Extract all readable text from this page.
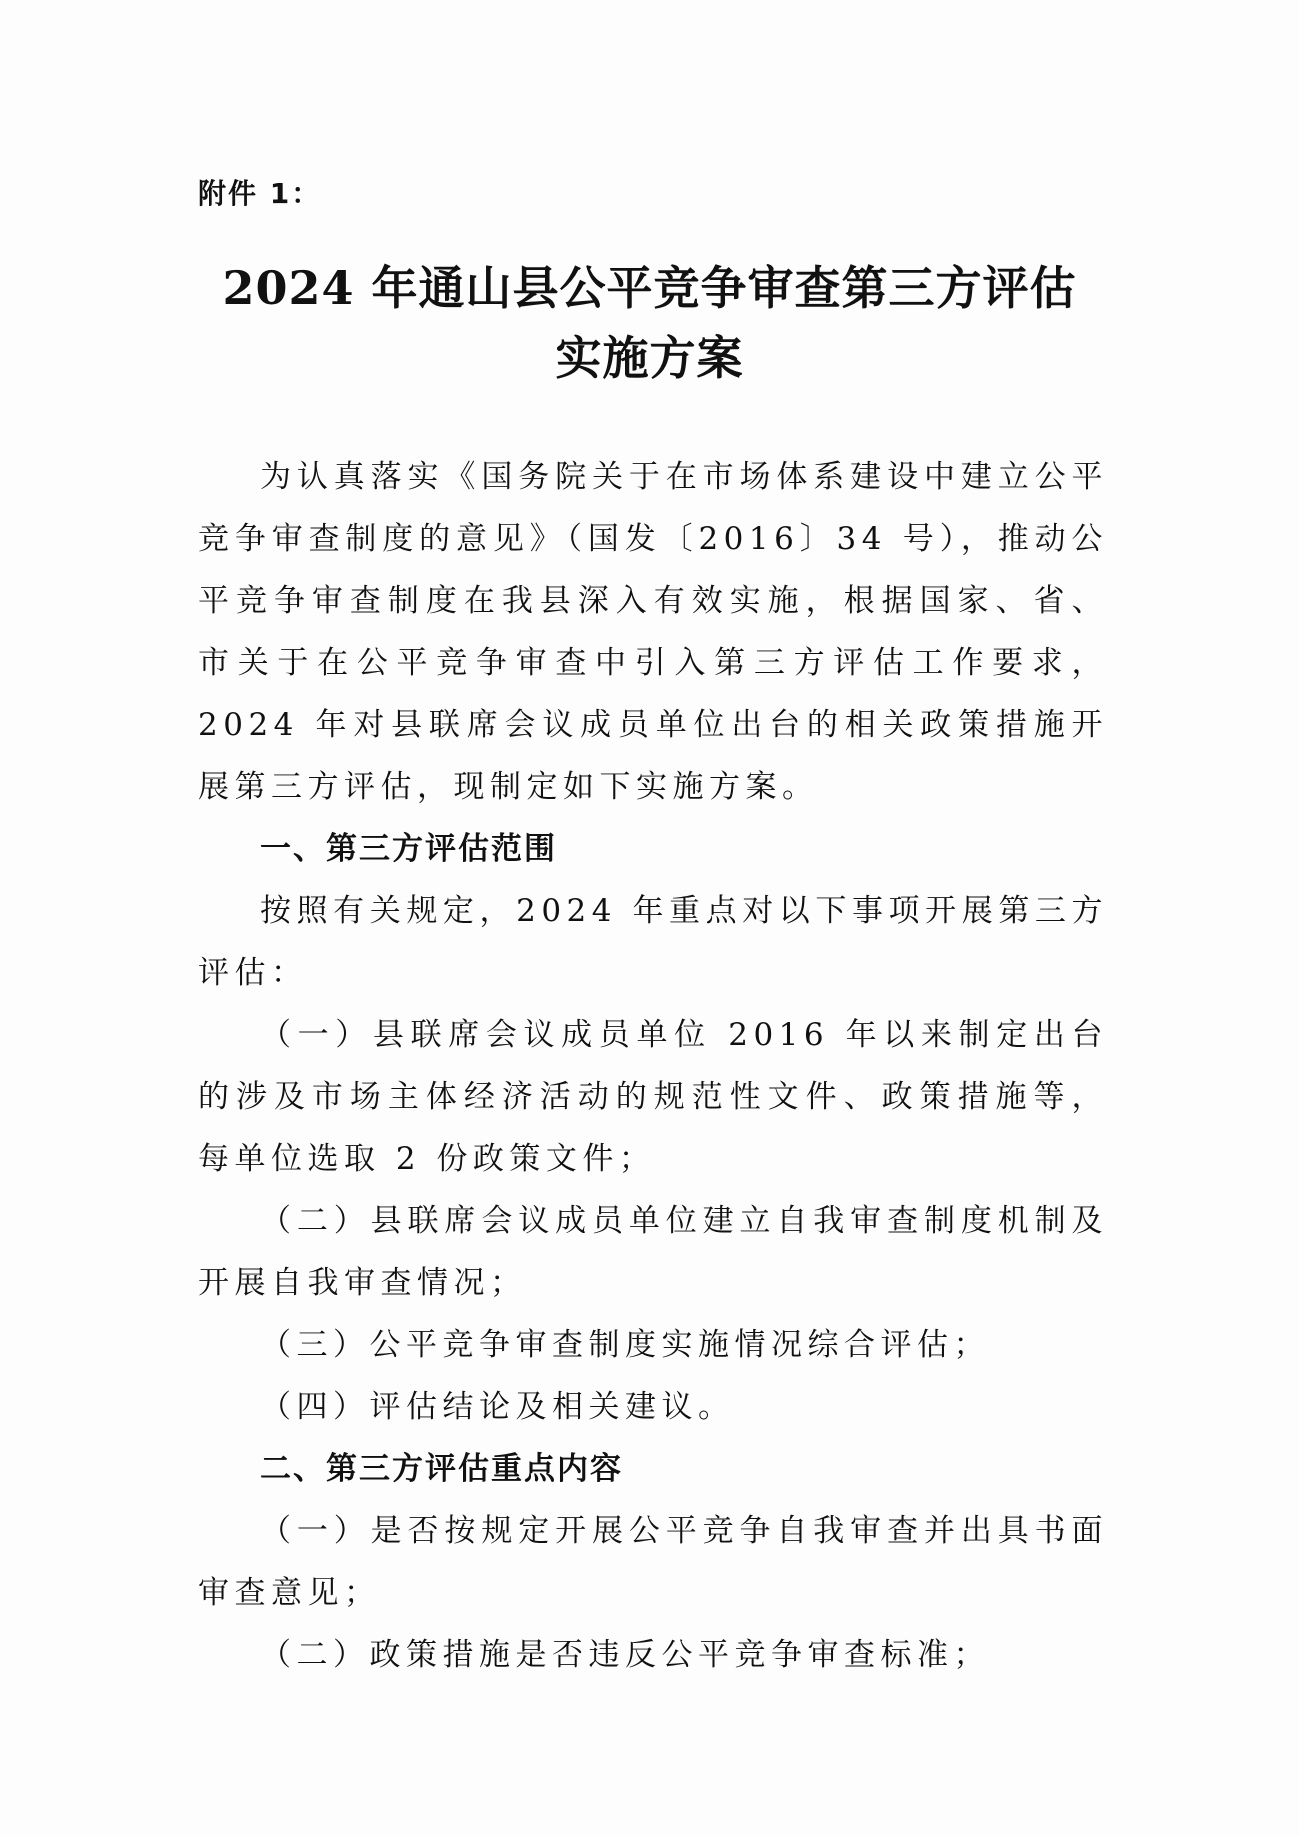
附件 1：
2024 年通山县公平竞争审查第三方评估
实施方案

为认真落实《国务院关于在市场体系建设中建立公平竞争审查制度的意见》（国发〔2016〕34 号），推动公平竞争审查制度在我县深入有效实施，根据国家、省、市关于在公平竞争审查中引入第三方评估工作要求，2024 年对县联席会议成员单位出台的相关政策措施开展第三方评估，现制定如下实施方案。

一、第三方评估范围

按照有关规定，2024 年重点对以下事项开展第三方评估：

（一）县联席会议成员单位 2016 年以来制定出台的涉及市场主体经济活动的规范性文件、政策措施等，每单位选取 2 份政策文件；

（二）县联席会议成员单位建立自我审查制度机制及开展自我审查情况；

（三）公平竞争审查制度实施情况综合评估；

（四）评估结论及相关建议。

二、第三方评估重点内容

（一）是否按规定开展公平竞争自我审查并出具书面审查意见；

（二）政策措施是否违反公平竞争审查标准；
